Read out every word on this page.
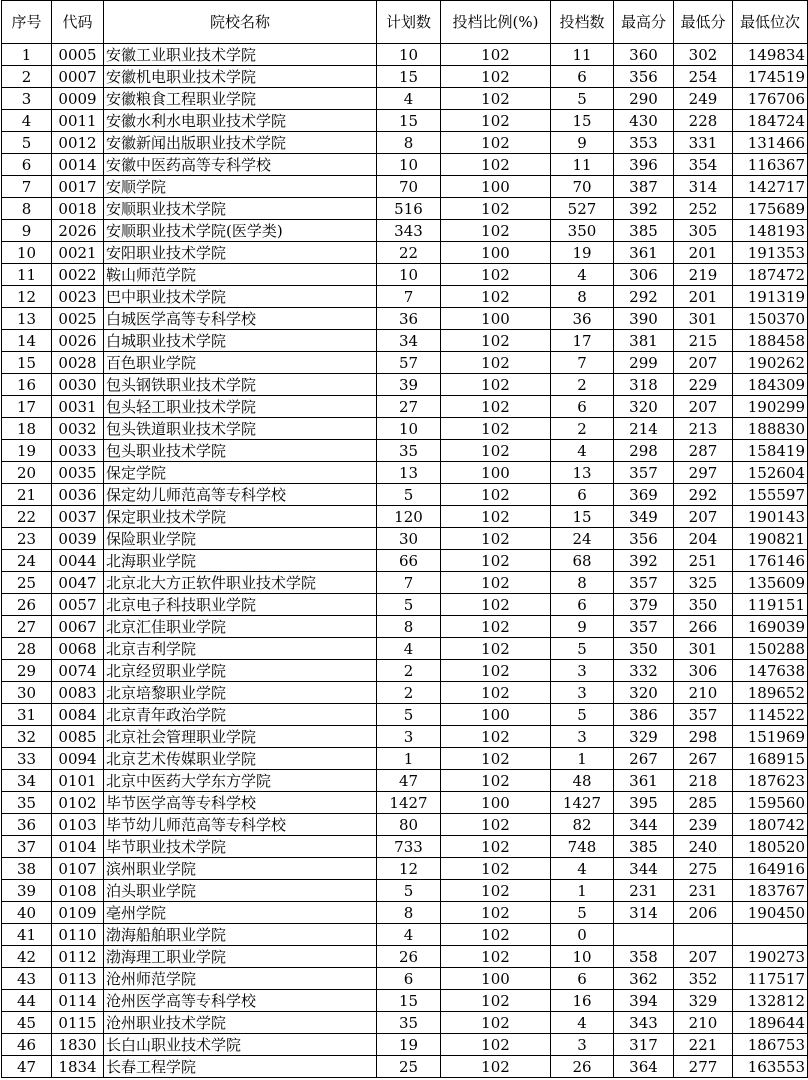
序号	代码	院校名称	计划数	投档比例(%)	投档数	最高分	最低分	最低位次
1	0005	安徽工业职业技术学院	10	102	11	360	302	149834
2	0007	安徽机电职业技术学院	15	102	6	356	254	174519
3	0009	安徽粮食工程职业学院	4	102	5	290	249	176706
4	0011	安徽水利水电职业技术学院	15	102	15	430	228	184724
5	0012	安徽新闻出版职业技术学院	8	102	9	353	331	131466
6	0014	安徽中医药高等专科学校	10	102	11	396	354	116367
7	0017	安顺学院	70	100	70	387	314	142717
8	0018	安顺职业技术学院	516	102	527	392	252	175689
9	2026	安顺职业技术学院(医学类)	343	102	350	385	305	148193
10	0021	安阳职业技术学院	22	100	19	361	201	191353
11	0022	鞍山师范学院	10	102	4	306	219	187472
12	0023	巴中职业技术学院	7	102	8	292	201	191319
13	0025	白城医学高等专科学校	36	100	36	390	301	150370
14	0026	白城职业技术学院	34	102	17	381	215	188458
15	0028	百色职业学院	57	102	7	299	207	190262
16	0030	包头钢铁职业技术学院	39	102	2	318	229	184309
17	0031	包头轻工职业技术学院	27	102	6	320	207	190299
18	0032	包头铁道职业技术学院	10	102	2	214	213	188830
19	0033	包头职业技术学院	35	102	4	298	287	158419
20	0035	保定学院	13	100	13	357	297	152604
21	0036	保定幼儿师范高等专科学校	5	102	6	369	292	155597
22	0037	保定职业技术学院	120	102	15	349	207	190143
23	0039	保险职业学院	30	102	24	356	204	190821
24	0044	北海职业学院	66	102	68	392	251	176146
25	0047	北京北大方正软件职业技术学院	7	102	8	357	325	135609
26	0057	北京电子科技职业学院	5	102	6	379	350	119151
27	0067	北京汇佳职业学院	8	102	9	357	266	169039
28	0068	北京吉利学院	4	102	5	350	301	150288
29	0074	北京经贸职业学院	2	102	3	332	306	147638
30	0083	北京培黎职业学院	2	102	3	320	210	189652
31	0084	北京青年政治学院	5	100	5	386	357	114522
32	0085	北京社会管理职业学院	3	102	3	329	298	151969
33	0094	北京艺术传媒职业学院	1	102	1	267	267	168915
34	0101	北京中医药大学东方学院	47	102	48	361	218	187623
35	0102	毕节医学高等专科学校	1427	100	1427	395	285	159560
36	0103	毕节幼儿师范高等专科学校	80	102	82	344	239	180742
37	0104	毕节职业技术学院	733	102	748	385	240	180520
38	0107	滨州职业学院	12	102	4	344	275	164916
39	0108	泊头职业学院	5	102	1	231	231	183767
40	0109	亳州学院	8	102	5	314	206	190450
41	0110	渤海船舶职业学院	4	102	0			
42	0112	渤海理工职业学院	26	102	10	358	207	190273
43	0113	沧州师范学院	6	100	6	362	352	117517
44	0114	沧州医学高等专科学校	15	102	16	394	329	132812
45	0115	沧州职业技术学院	35	102	4	343	210	189644
46	1830	长白山职业技术学院	19	102	3	317	221	186753
47	1834	长春工程学院	25	102	26	364	277	163553
